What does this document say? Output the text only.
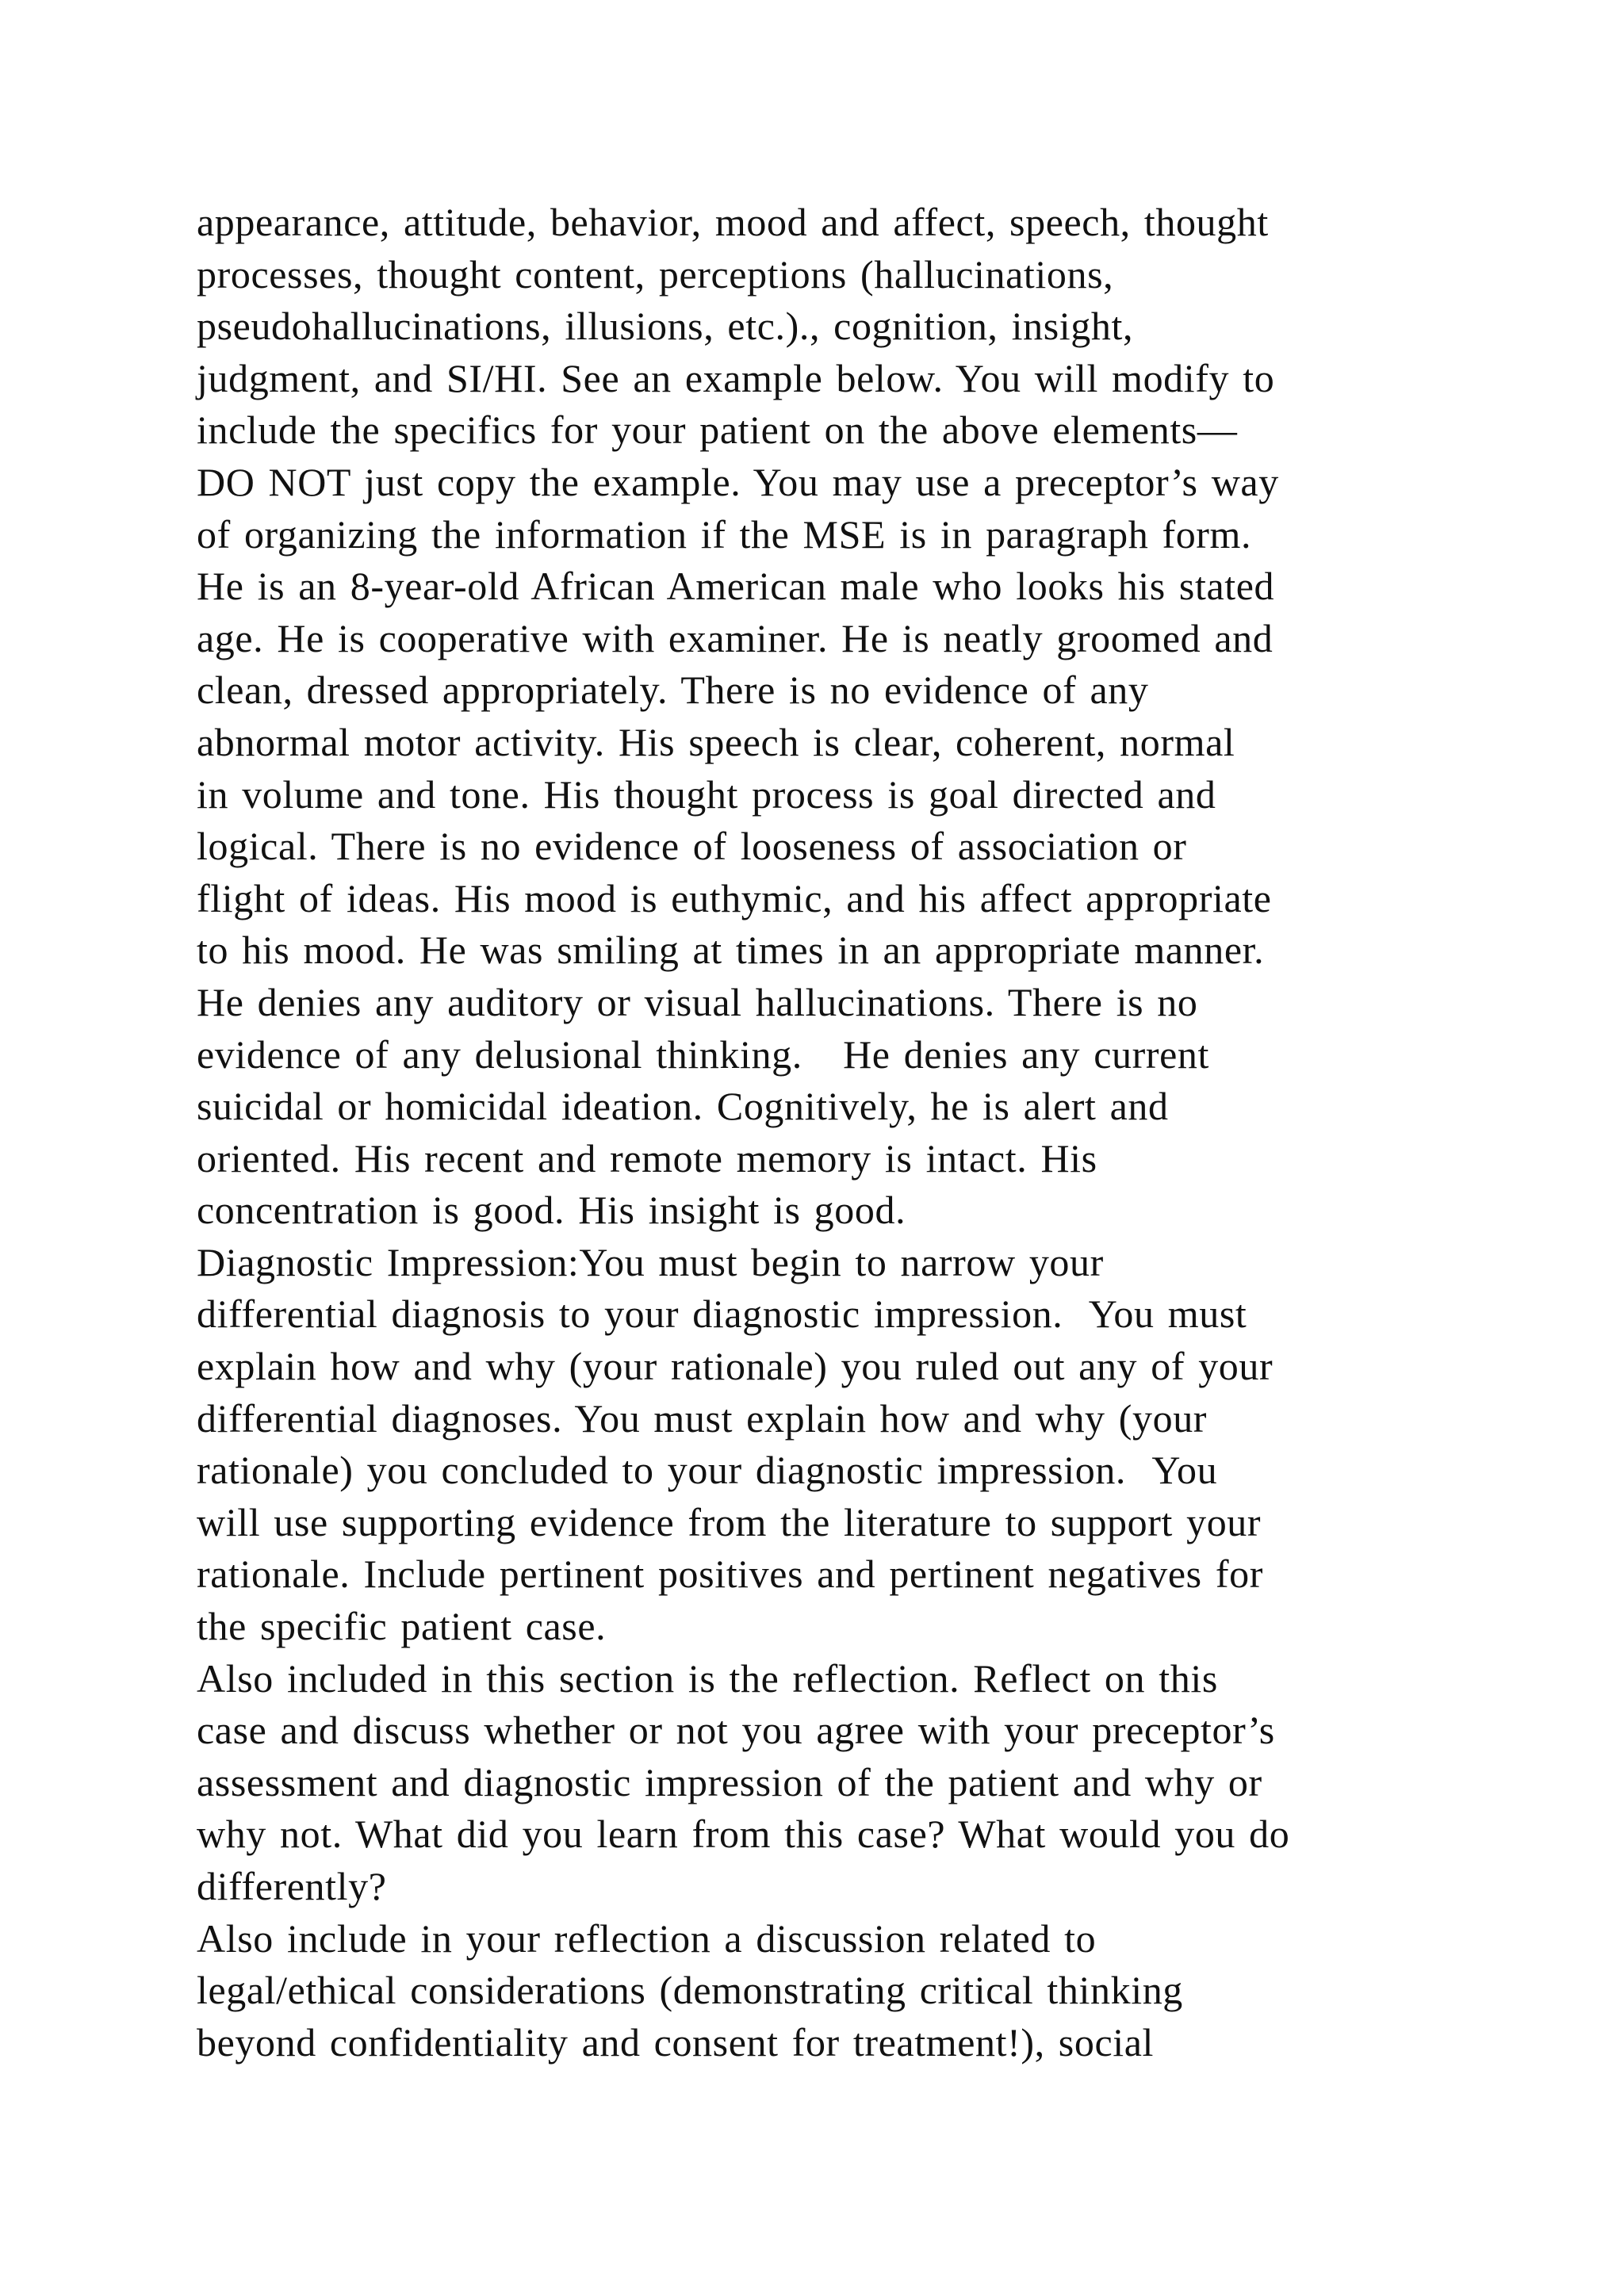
appearance, attitude, behavior, mood and affect, speech, thought
processes, thought content, perceptions (hallucinations,
pseudohallucinations, illusions, etc.)., cognition, insight,
judgment, and SI/HI. See an example below. You will modify to
include the specifics for your patient on the above elements—
DO NOT just copy the example. You may use a preceptor’s way
of organizing the information if the MSE is in paragraph form.
He is an 8-year-old African American male who looks his stated
age. He is cooperative with examiner. He is neatly groomed and
clean, dressed appropriately. There is no evidence of any
abnormal motor activity. His speech is clear, coherent, normal
in volume and tone. His thought process is goal directed and
logical. There is no evidence of looseness of association or
flight of ideas. His mood is euthymic, and his affect appropriate
to his mood. He was smiling at times in an appropriate manner.
He denies any auditory or visual hallucinations. There is no
evidence of any delusional thinking.   He denies any current
suicidal or homicidal ideation. Cognitively, he is alert and
oriented. His recent and remote memory is intact. His
concentration is good. His insight is good.
Diagnostic Impression:You must begin to narrow your
differential diagnosis to your diagnostic impression.  You must
explain how and why (your rationale) you ruled out any of your
differential diagnoses. You must explain how and why (your
rationale) you concluded to your diagnostic impression.  You
will use supporting evidence from the literature to support your
rationale. Include pertinent positives and pertinent negatives for
the specific patient case.
Also included in this section is the reflection. Reflect on this
case and discuss whether or not you agree with your preceptor’s
assessment and diagnostic impression of the patient and why or
why not. What did you learn from this case? What would you do
differently?
Also include in your reflection a discussion related to
legal/ethical considerations (demonstrating critical thinking
beyond confidentiality and consent for treatment!), social
